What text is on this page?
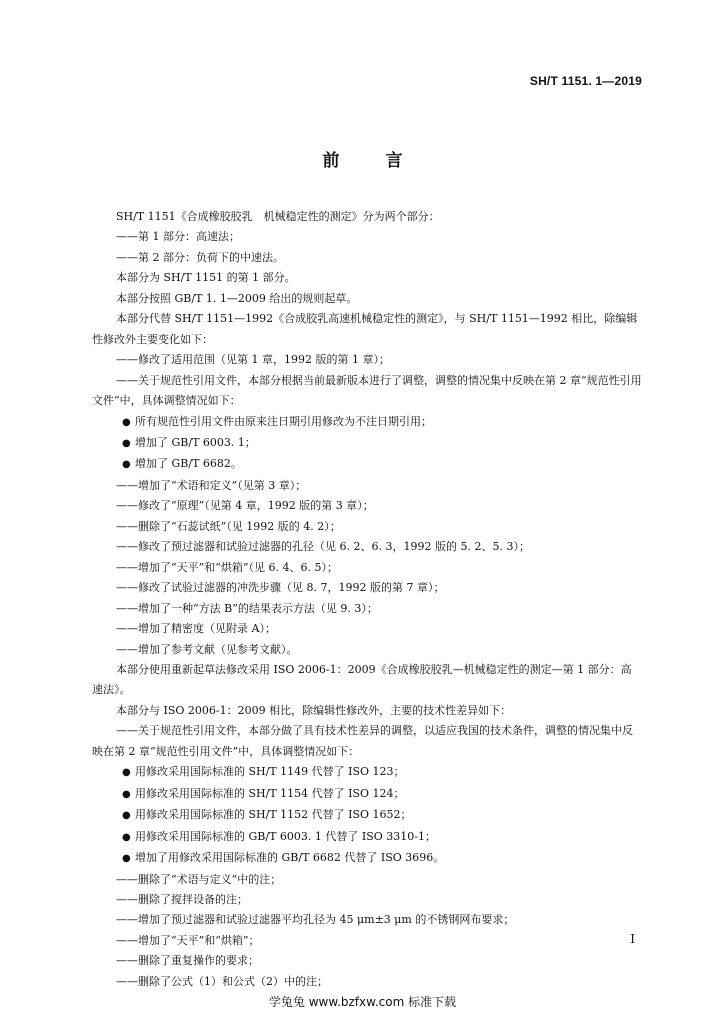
SH/T 1151. 1—2019
前 言
SH/T 1151《合成橡胶胶乳　机械稳定性的测定》分为两个部分：
——第 1 部分：高速法；
——第 2 部分：负荷下的中速法。
本部分为 SH/T 1151 的第 1 部分。
本部分按照 GB/T 1. 1—2009 给出的规则起草。
本部分代替 SH/T 1151—1992《合成胶乳高速机械稳定性的测定》，与 SH/T 1151—1992 相比，除编辑性修改外主要变化如下：
——修改了适用范围（见第 1 章，1992 版的第 1 章）；
——关于规范性引用文件，本部分根据当前最新版本进行了调整，调整的情况集中反映在第 2 章“规范性引用文件”中，具体调整情况如下：
● 所有规范性引用文件由原来注日期引用修改为不注日期引用；
● 增加了 GB/T 6003. 1；
● 增加了 GB/T 6682。
——增加了“术语和定义”（见第 3 章）；
——修改了“原理”（见第 4 章，1992 版的第 3 章）；
——删除了“石蕊试纸”（见 1992 版的 4. 2）；
——修改了预过滤器和试验过滤器的孔径（见 6. 2、6. 3，1992 版的 5. 2、5. 3）；
——增加了“天平”和“烘箱”（见 6. 4、6. 5）；
——修改了试验过滤器的冲洗步骤（见 8. 7，1992 版的第 7 章）；
——增加了一种“方法 B”的结果表示方法（见 9. 3）；
——增加了精密度（见附录 A）；
——增加了参考文献（见参考文献）。
本部分使用重新起草法修改采用 ISO 2006-1：2009《合成橡胶胶乳—机械稳定性的测定—第 1 部分：高速法》。
本部分与 ISO 2006-1：2009 相比，除编辑性修改外，主要的技术性差异如下：
——关于规范性引用文件，本部分做了具有技术性差异的调整，以适应我国的技术条件，调整的情况集中反映在第 2 章“规范性引用文件”中，具体调整情况如下：
● 用修改采用国际标准的 SH/T 1149 代替了 ISO 123；
● 用修改采用国际标准的 SH/T 1154 代替了 ISO 124；
● 用修改采用国际标准的 SH/T 1152 代替了 ISO 1652；
● 用修改采用国际标准的 GB/T 6003. 1 代替了 ISO 3310-1；
● 增加了用修改采用国际标准的 GB/T 6682 代替了 ISO 3696。
——删除了“术语与定义”中的注；
——删除了搅拌设备的注；
——增加了预过滤器和试验过滤器平均孔径为 45 μm±3 μm 的不锈钢网布要求；
——增加了“天平”和“烘箱”；
——删除了重复操作的要求；
——删除了公式（1）和公式（2）中的注；
I
学兔兔 www.bzfxw.com 标准下载
